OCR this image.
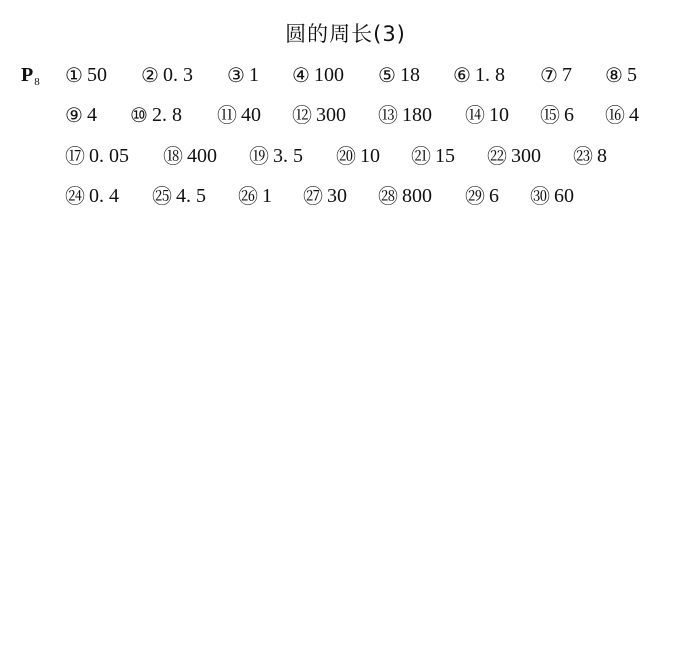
圆的周长(3)
$P_8$ ① 50 ② 0. 3 ③ 1 ④ 100 ⑤ 18 ⑥ 1. 8 ⑦ 7 ⑧ 5
⑨ 4 ⑩ 2. 8 ⑪ 40 ⑫ 300 ⑬ 180 ⑭ 10 ⑮ 6 ⑯ 4
⑰ 0. 05 ⑱ 400 ⑲ 3. 5 ⑳ 10 ㉑ 15 ㉒ 300 ㉓ 8
㉔ 0. 4 ㉕ 4. 5 ㉖ 1 ㉗ 30 ㉘ 800 ㉙ 6 ㉚ 60
